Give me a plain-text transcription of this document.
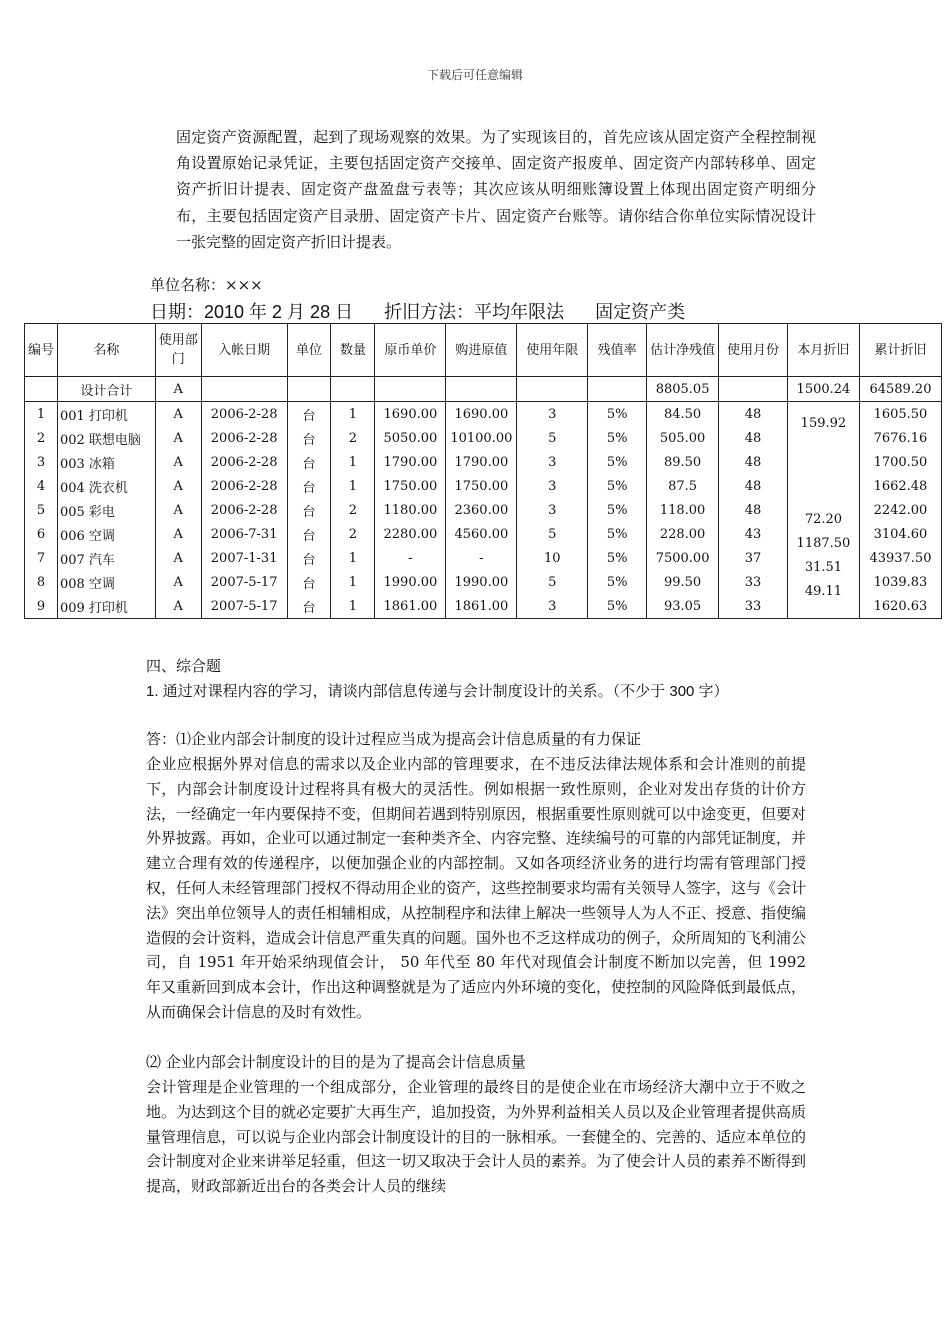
下载后可任意编辑
固定资产资源配置，起到了现场观察的效果。为了实现该目的，首先应该从固定资产全程控制视角设置原始记录凭证，主要包括固定资产交接单、固定资产报废单、固定资产内部转移单、固定资产折旧计提表、固定资产盘盈盘亏表等；其次应该从明细账簿设置上体现出固定资产明细分布，主要包括固定资产目录册、固定资产卡片、固定资产台账等。请你结合你单位实际情况设计一张完整的固定资产折旧计提表。
单位名称：×××
日期：2010 年 2 月 28 日 折旧方法：平均年限法 固定资产类
编号	名称	使用部门	入帐日期	单位	数量	原币单价	购进原值	使用年限	残值率	估计净残值	使用月份	本月折旧	累计折旧
	设计合计	A								8805.05		1500.24	64589.20
1	001 打印机	A	2006-2-28	台	1	1690.00	1690.00	3	5%	84.50	48		1605.50
2	002 联想电脑	A	2006-2-28	台	2	5050.00	10100.00	5	5%	505.00	48	159.92	7676.16
3	003 冰箱	A	2006-2-28	台	1	1790.00	1790.00	3	5%	89.50	48		1700.50
4	004 洗衣机	A	2006-2-28	台	1	1750.00	1750.00	3	5%	87.5	48		1662.48
5	005 彩电	A	2006-2-28	台	2	1180.00	2360.00	3	5%	118.00	48		2242.00
6	006 空调	A	2006-7-31	台	2	2280.00	4560.00	5	5%	228.00	43	72.20	3104.60
7	007 汽车	A	2007-1-31	台	1	-	-	10	5%	7500.00	37	1187.50	43937.50
8	008 空调	A	2007-5-17	台	1	1990.00	1990.00	5	5%	99.50	33	31.51	1039.83
9	009 打印机	A	2007-5-17	台	1	1861.00	1861.00	3	5%	93.05	33	49.11	1620.63
四、综合题
1. 通过对课程内容的学习，请谈内部信息传递与会计制度设计的关系。（不少于 300 字）
答：⑴企业内部会计制度的设计过程应当成为提高会计信息质量的有力保证
企业应根据外界对信息的需求以及企业内部的管理要求，在不违反法律法规体系和会计准则的前提下，内部会计制度设计过程将具有极大的灵活性。例如根据一致性原则，企业对发出存货的计价方法，一经确定一年内要保持不变，但期间若遇到特别原因，根据重要性原则就可以中途变更，但要对外界披露。再如，企业可以通过制定一套种类齐全、内容完整、连续编号的可靠的内部凭证制度，并建立合理有效的传递程序，以便加强企业的内部控制。又如各项经济业务的进行均需有管理部门授权，任何人未经管理部门授权不得动用企业的资产，这些控制要求均需有关领导人签字，这与《会计法》突出单位领导人的责任相辅相成，从控制程序和法律上解决一些领导人为人不正、授意、指使编造假的会计资料，造成会计信息严重失真的问题。国外也不乏这样成功的例子，众所周知的飞利浦公司，自 1951 年开始采纳现值会计， 50 年代至 80 年代对现值会计制度不断加以完善，但 1992 年又重新回到成本会计，作出这种调整就是为了适应内外环境的变化，使控制的风险降低到最低点，从而确保会计信息的及时有效性。
⑵ 企业内部会计制度设计的目的是为了提高会计信息质量
会计管理是企业管理的一个组成部分，企业管理的最终目的是使企业在市场经济大潮中立于不败之地。为达到这个目的就必定要扩大再生产，追加投资，为外界利益相关人员以及企业管理者提供高质量管理信息，可以说与企业内部会计制度设计的目的一脉相承。一套健全的、完善的、适应本单位的会计制度对企业来讲举足轻重，但这一切又取决于会计人员的素养。为了使会计人员的素养不断得到提高，财政部新近出台的各类会计人员的继续
